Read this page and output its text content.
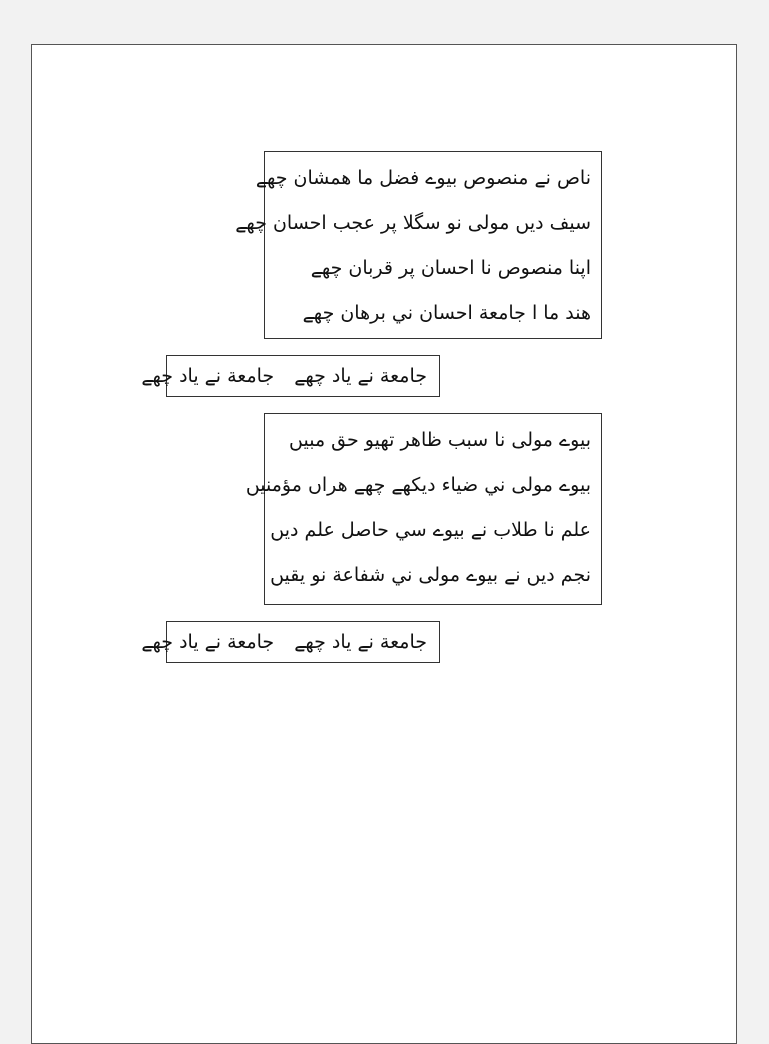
ناص نے منصوص بیوے فضل ما همشان چھے
سیف دیں مولی نو سگلا پر عجب احسان چھے
اپنا منصوص نا احسان پر قربان چھے
هند ما ا جامعة احسان ني برهان چھے
جامعة نے یاد چھے جامعة نے یاد چھے
بیوے مولی نا سبب ظاهر تھیو حق مبیں
بیوے مولی ني ضیاء دیکھے چھے هراں مؤمنیں
علم نا طلاب نے بیوے سي حاصل علم دیں
نجم دیں نے بیوے مولی ني شفاعة نو یقیں
جامعة نے یاد چھے جامعة نے یاد چھے
